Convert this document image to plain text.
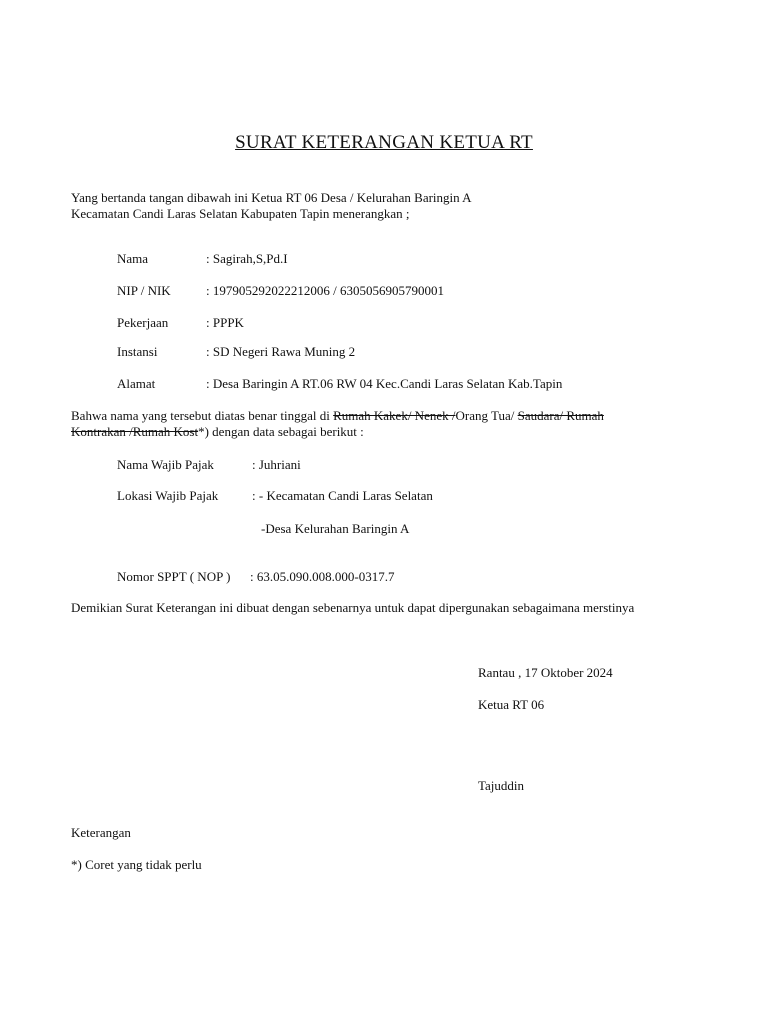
SURAT KETERANGAN KETUA RT
Yang bertanda tangan dibawah ini Ketua RT 06 Desa / Kelurahan Baringin A
Kecamatan Candi Laras Selatan Kabupaten Tapin menerangkan ;
Nama	: Sagirah,S,Pd.I
NIP / NIK	: 197905292022212006 / 6305056905790001
Pekerjaan	: PPPK
Instansi	: SD Negeri Rawa Muning 2
Alamat	: Desa Baringin A RT.06 RW 04 Kec.Candi Laras Selatan Kab.Tapin
Bahwa nama yang tersebut diatas benar tinggal di Rumah Kakek/ Nenek /Orang Tua/ Saudara/ Rumah
Kontrakan /Rumah Kost*) dengan data sebagai berikut :
Nama Wajib Pajak	: Juhriani
Lokasi Wajib Pajak	: - Kecamatan Candi Laras Selatan
-Desa Kelurahan Baringin A
Nomor SPPT ( NOP ) : 63.05.090.008.000-0317.7
Demikian Surat Keterangan ini dibuat dengan sebenarnya untuk dapat dipergunakan sebagaimana merstinya
Rantau , 17 Oktober 2024
Ketua RT 06
Tajuddin
Keterangan
*) Coret yang tidak perlu
